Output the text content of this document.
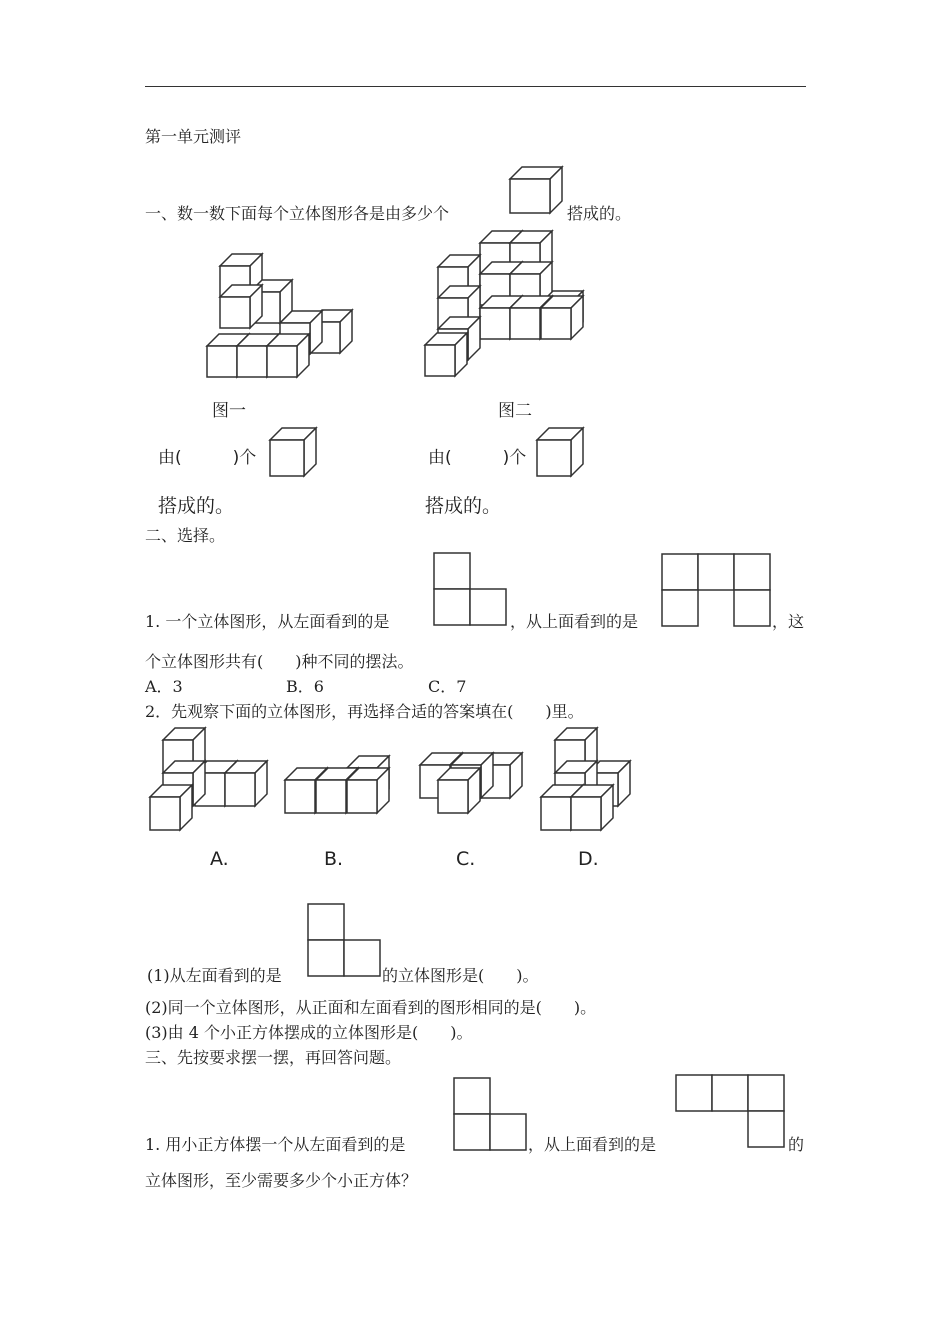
第一单元测评
一、数一数下面每个立体图形各是由多少个	搭成的。
图一	图二
由(　　　)个	由(　　　)个
搭成的。	搭成的。
二、选择。
1. 一个立体图形，从左面看到的是	，从上面看到的是	，这
个立体图形共有(　　)种不同的摆法。
A．3	B．6	C．7
2．先观察下面的立体图形，再选择合适的答案填在(　　)里。
A.	B.	C.	D.
(1)从左面看到的是	的立体图形是(　　)。
(2)同一个立体图形，从正面和左面看到的图形相同的是(　　)。
(3)由 4 个小正方体摆成的立体图形是(　　)。
三、先按要求摆一摆，再回答问题。
1. 用小正方体摆一个从左面看到的是	，从上面看到的是	的
立体图形，至少需要多少个小正方体？
